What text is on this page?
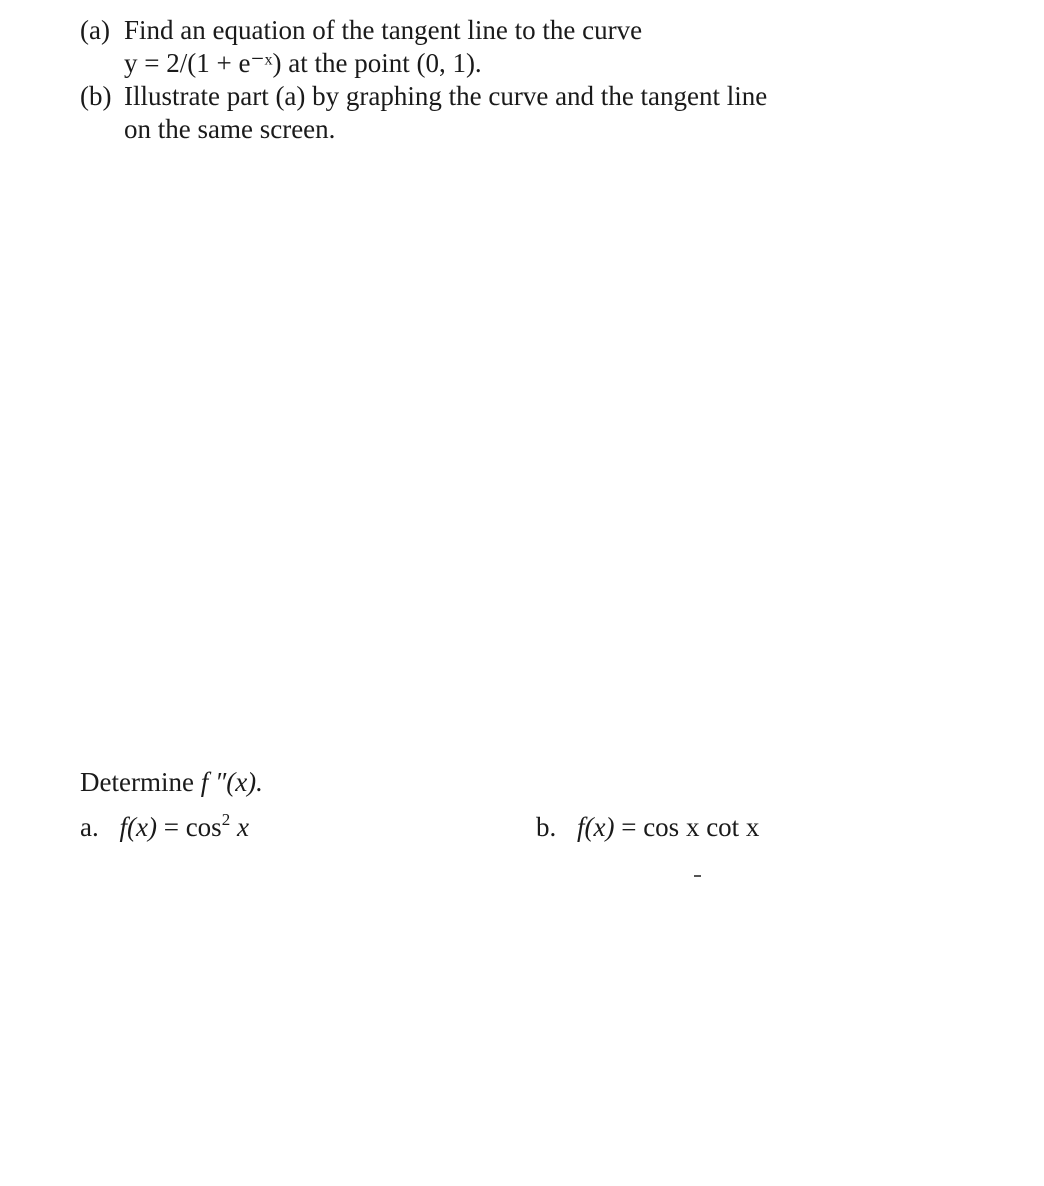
(a) Find an equation of the tangent line to the curve
y = 2/(1 + e⁻ˣ) at the point (0, 1).
(b) Illustrate part (a) by graphing the curve and the tangent line
on the same screen.
Determine f ″(x).
a. $f(x) = \cos^2 x$	b. f(x) = cos x cot x
